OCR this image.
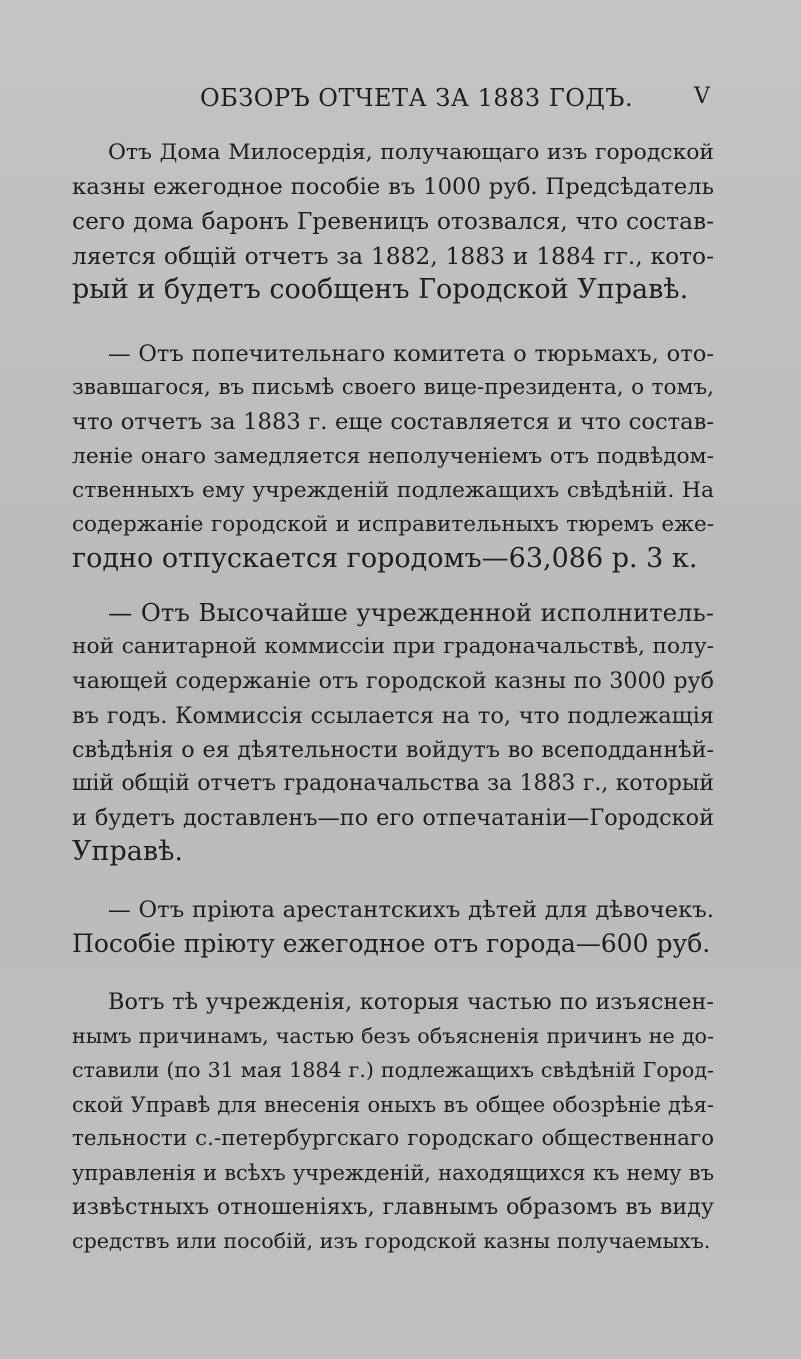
ОБЗОРЪ ОТЧЕТА ЗА 1883 ГОДЪ.	V
Отъ Дома Милосердія, получающаго изъ городской
казны ежегодное пособіе въ 1000 руб. Предсѣдатель
сего дома баронъ Гревеницъ отозвался, что состав-
ляется общій отчетъ за 1882, 1883 и 1884 гг., кото-
рый и будетъ сообщенъ Городской Управѣ.
— Отъ попечительнаго комитета о тюрьмахъ, ото-
звавшагося, въ письмѣ своего вице-президента, о томъ,
что отчетъ за 1883 г. еще составляется и что состав-
леніе онаго замедляется неполученіемъ отъ подвѣдом-
ственныхъ ему учрежденій подлежащихъ свѣдѣній. На
содержаніе городской и исправительныхъ тюремъ еже-
годно отпускается городомъ—63,086 р. 3 к.
— Отъ Высочайше учрежденной исполнитель-
ной санитарной коммиссіи при градоначальствѣ, полу-
чающей содержаніе отъ городской казны по 3000 руб
въ годъ. Коммиссія ссылается на то, что подлежащія
свѣдѣнія о ея дѣятельности войдутъ во всеподданнѣй-
шій общій отчетъ градоначальства за 1883 г., который
и будетъ доставленъ—по его отпечатаніи—Городской
Управѣ.
— Отъ пріюта арестантскихъ дѣтей для дѣвочекъ.
Пособіе пріюту ежегодное отъ города—600 руб.
Вотъ тѣ учрежденія, которыя частью по изъяснен-
нымъ причинамъ, частью безъ объясненія причинъ не до-
ставили (по 31 мая 1884 г.) подлежащихъ свѣдѣній Город-
ской Управѣ для внесенія оныхъ въ общее обозрѣніе дѣя-
тельности с.-петербургскаго городскаго общественнаго
управленія и всѣхъ учрежденій, находящихся къ нему въ
извѣстныхъ отношеніяхъ, главнымъ образомъ въ виду
средствъ или пособій, изъ городской казны получаемыхъ.
